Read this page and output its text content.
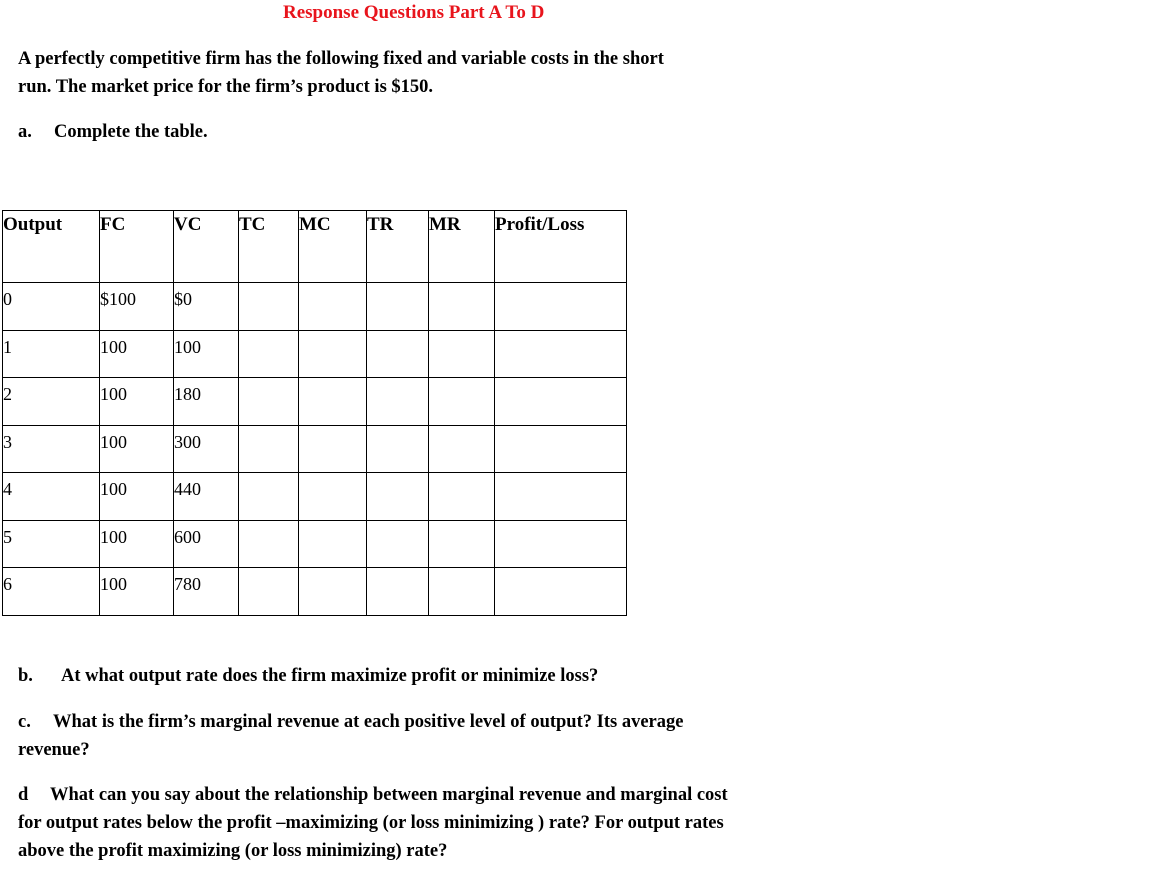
Response Questions Part A To D
A perfectly competitive firm has the following fixed and variable costs in the short
run. The market price for the firm’s product is $150.
a. Complete the table.
Output	FC	VC	TC	MC	TR	MR	Profit/Loss
0	$100	$0					
1	100	100					
2	100	180					
3	100	300					
4	100	440					
5	100	600					
6	100	780					
b. At what output rate does the firm maximize profit or minimize loss?
c. What is the firm’s marginal revenue at each positive level of output? Its average
revenue?
d What can you say about the relationship between marginal revenue and marginal cost
for output rates below the profit –maximizing (or loss minimizing ) rate? For output rates
above the profit maximizing (or loss minimizing) rate?
